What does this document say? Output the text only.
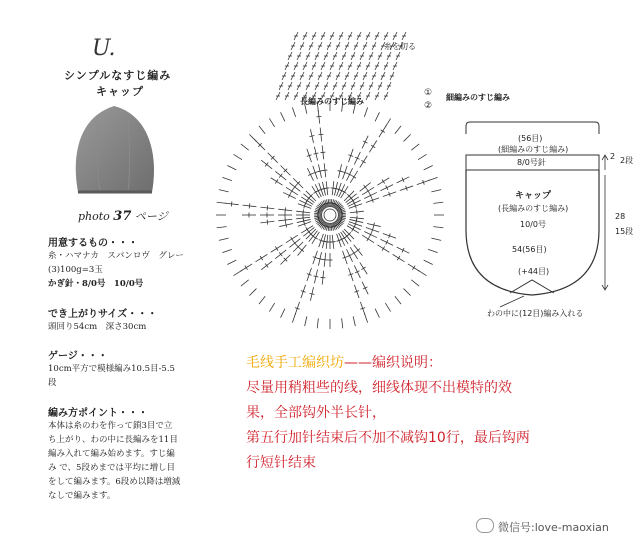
U.
シンプルなすじ編み
キャップ
photo 37 ページ
用意するもの・・・
糸・ハマナカ　スパンロヴ　グレー
(3)100g=3玉
かぎ針・8/0号　10/0号
でき上がりサイズ・・・
頭回り54cm　深さ30cm
ゲージ・・・
10cm平方で模様編み10.5目-5.5
段
編み方ポイント・・・
本体は糸のわを作って鎖3目で立
ち上がり、わの中に長編みを11目
編み入れて編み始めます。すじ編
み で、5段めまでは平均に増し目
をして編みます。6段め以降は増減
なしで編みます。
糸を切る
長編みのすじ編み	細編みのすじ編み
①
②
(56目)
(細編みのすじ編み)
8/0号針
キャップ
(長編みのすじ編み)
10/0号
54(56目)
(+44目)
わの中に(12目)編み入れる
2 2段
28
15段
毛线手工编织坊——编织说明：
尽量用稍粗些的线，细线体现不出模特的效
果，全部钩外半长针，
第五行加针结束后不加不减钩10行，最后钩两
行短针结束
微信号:love-maoxian
